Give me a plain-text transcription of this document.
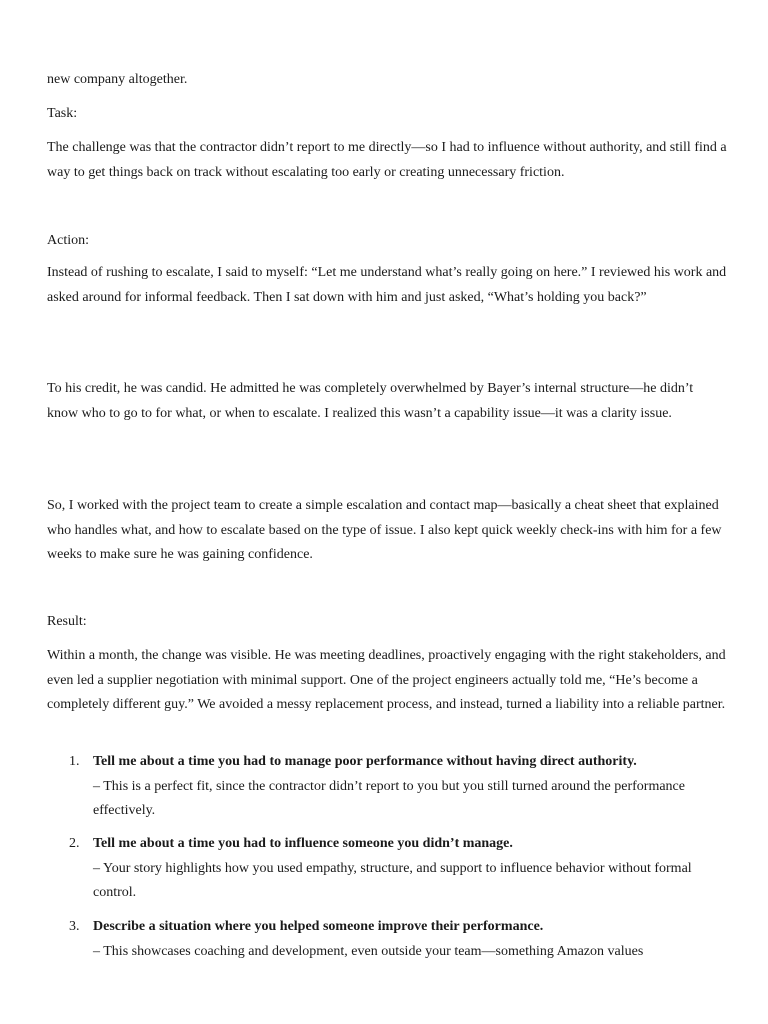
new company altogether.

Task:

The challenge was that the contractor didn’t report to me directly—so I had to influence without authority, and still find a way to get things back on track without escalating too early or creating unnecessary friction.

Action:

Instead of rushing to escalate, I said to myself: “Let me understand what’s really going on here.” I reviewed his work and asked around for informal feedback. Then I sat down with him and just asked, “What’s holding you back?”

To his credit, he was candid. He admitted he was completely overwhelmed by Bayer’s internal structure—he didn’t know who to go to for what, or when to escalate. I realized this wasn’t a capability issue—it was a clarity issue.

So, I worked with the project team to create a simple escalation and contact map—basically a cheat sheet that explained who handles what, and how to escalate based on the type of issue. I also kept quick weekly check-ins with him for a few weeks to make sure he was gaining confidence.

Result:

Within a month, the change was visible. He was meeting deadlines, proactively engaging with the right stakeholders, and even led a supplier negotiation with minimal support. One of the project engineers actually told me, “He’s become a completely different guy.” We avoided a messy replacement process, and instead, turned a liability into a reliable partner.

1. Tell me about a time you had to manage poor performance without having direct authority.
– This is a perfect fit, since the contractor didn’t report to you but you still turned around the performance effectively.
2. Tell me about a time you had to influence someone you didn’t manage.
– Your story highlights how you used empathy, structure, and support to influence behavior without formal control.
3. Describe a situation where you helped someone improve their performance.
– This showcases coaching and development, even outside your team—something Amazon values
